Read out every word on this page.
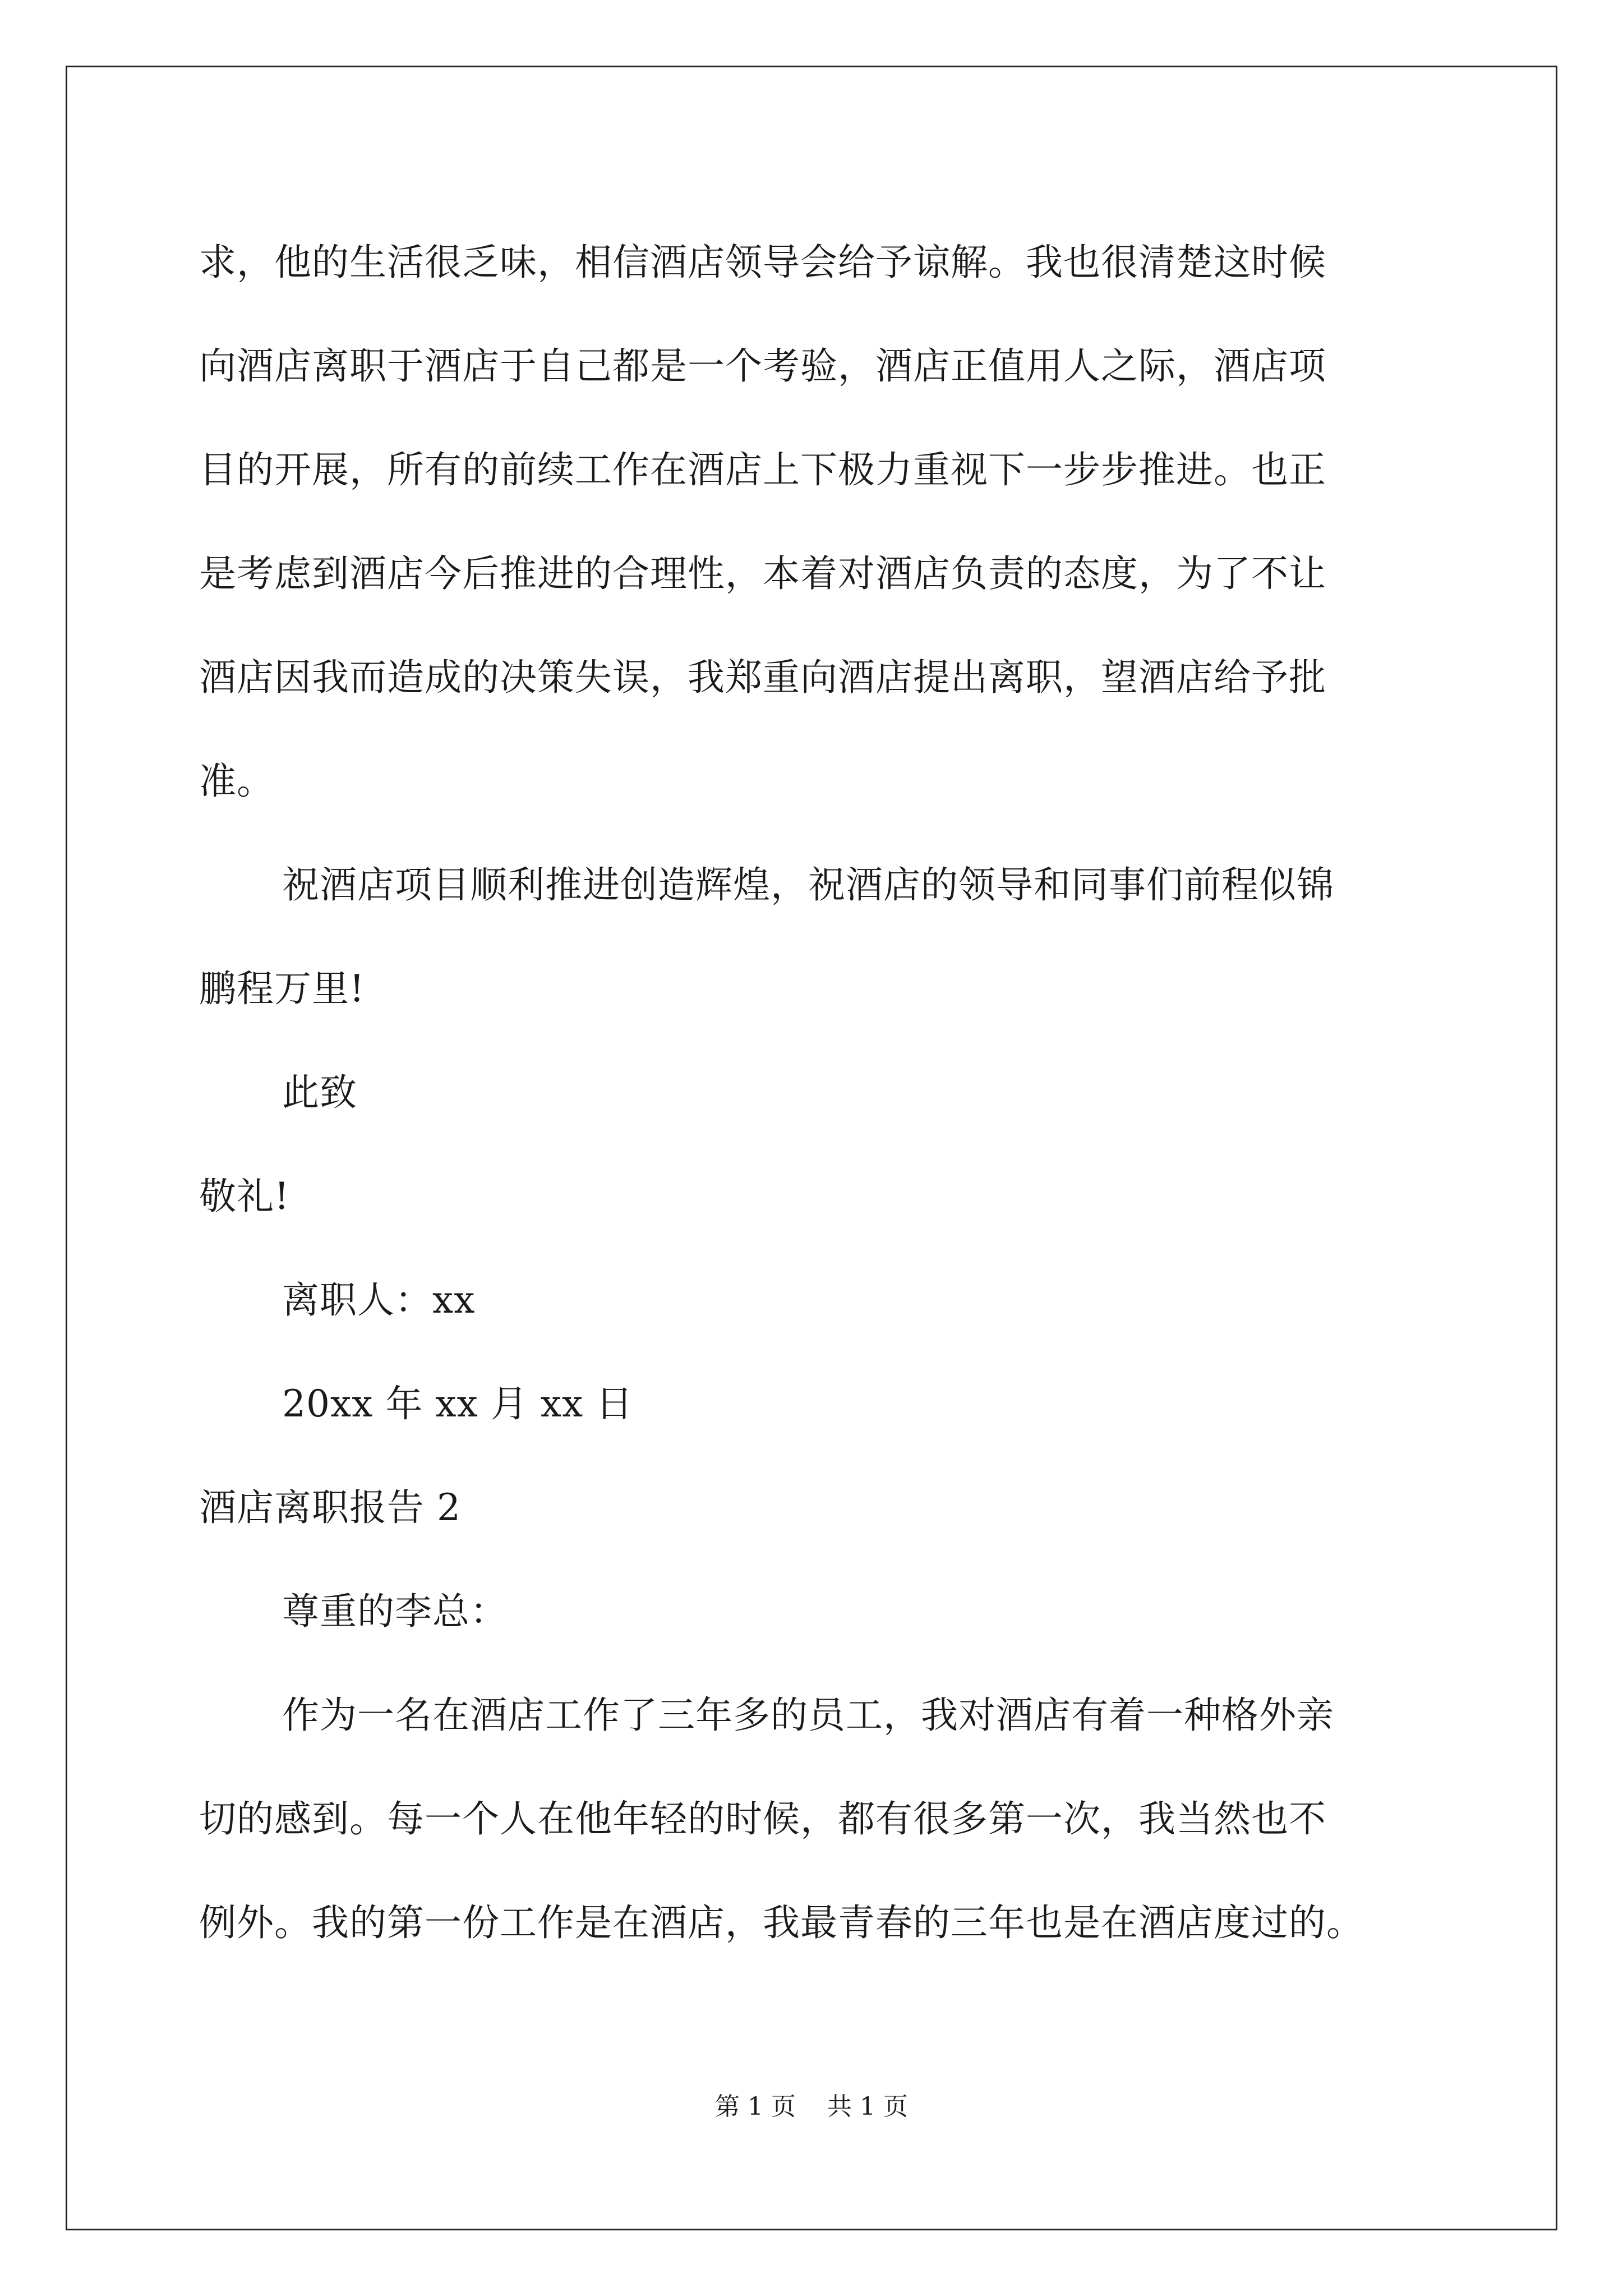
求，他的生活很乏味，相信酒店领导会给予谅解。我也很清楚这时候
向酒店离职于酒店于自己都是一个考验，酒店正值用人之际，酒店项
目的开展，所有的前续工作在酒店上下极力重视下一步步推进。也正
是考虑到酒店今后推进的合理性，本着对酒店负责的态度，为了不让
酒店因我而造成的决策失误，我郑重向酒店提出离职，望酒店给予批
准。
祝酒店项目顺利推进创造辉煌，祝酒店的领导和同事们前程似锦
鹏程万里!
此致
敬礼!
离职人：xx
20xx 年 xx 月 xx 日
酒店离职报告 2
尊重的李总：
作为一名在酒店工作了三年多的员工，我对酒店有着一种格外亲
切的感到。每一个人在他年轻的时候，都有很多第一次，我当然也不
例外。我的第一份工作是在酒店，我最青春的三年也是在酒店度过的。
第 1 页 共 1 页
